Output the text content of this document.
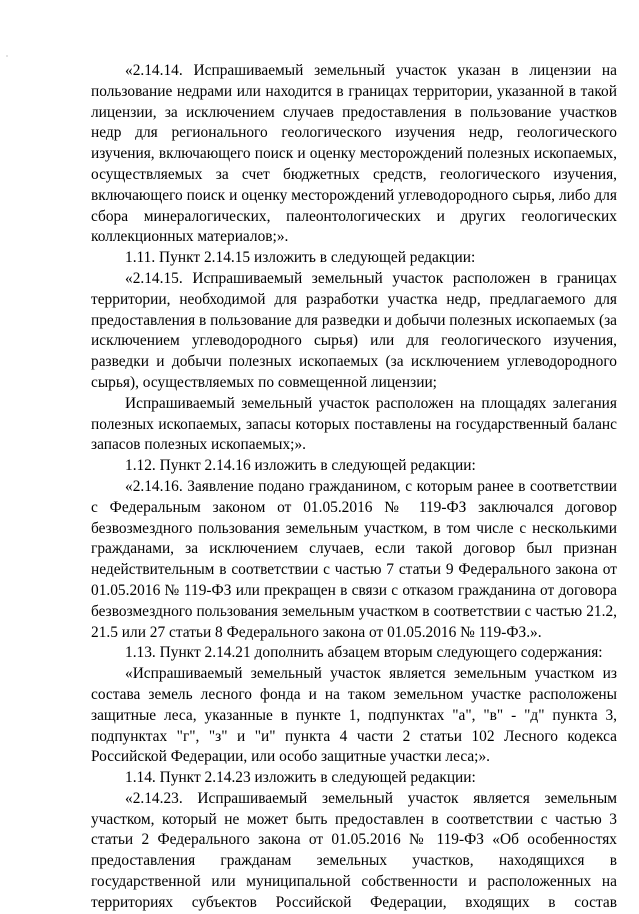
«2.14.14. Испрашиваемый земельный участок указан в лицензии на пользование недрами или находится в границах территории, указанной в такой лицензии, за исключением случаев предоставления в пользование участков недр для регионального геологического изучения недр, геологического изучения, включающего поиск и оценку месторождений полезных ископаемых, осуществляемых за счет бюджетных средств, геологического изучения, включающего поиск и оценку месторождений углеводородного сырья, либо для сбора минералогических, палеонтологических и других геологических коллекционных материалов;».

1.11. Пункт 2.14.15 изложить в следующей редакции:

«2.14.15. Испрашиваемый земельный участок расположен в границах территории, необходимой для разработки участка недр, предлагаемого для предоставления в пользование для разведки и добычи полезных ископаемых (за исключением углеводородного сырья) или для геологического изучения, разведки и добычи полезных ископаемых (за исключением углеводородного сырья), осуществляемых по совмещенной лицензии;

Испрашиваемый земельный участок расположен на площадях залегания полезных ископаемых, запасы которых поставлены на государственный баланс запасов полезных ископаемых;».

1.12. Пункт 2.14.16 изложить в следующей редакции:

«2.14.16. Заявление подано гражданином, с которым ранее в соответствии с Федеральным законом от 01.05.2016 № 119-ФЗ заключался договор безвозмездного пользования земельным участком, в том числе с несколькими гражданами, за исключением случаев, если такой договор был признан недействительным в соответствии с частью 7 статьи 9 Федерального закона от 01.05.2016 № 119-ФЗ или прекращен в связи с отказом гражданина от договора безвозмездного пользования земельным участком в соответствии с частью 21.2, 21.5 или 27 статьи 8 Федерального закона от 01.05.2016 № 119-ФЗ.».

1.13. Пункт 2.14.21 дополнить абзацем вторым следующего содержания:

«Испрашиваемый земельный участок является земельным участком из состава земель лесного фонда и на таком земельном участке расположены защитные леса, указанные в пункте 1, подпунктах "а", "в" - "д" пункта 3, подпунктах "г", "з" и "и" пункта 4 части 2 статьи 102 Лесного кодекса Российской Федерации, или особо защитные участки леса;».

1.14. Пункт 2.14.23 изложить в следующей редакции:

«2.14.23. Испрашиваемый земельный участок является земельным участком, который не может быть предоставлен в соответствии с частью 3 статьи 2 Федерального закона от 01.05.2016 № 119-ФЗ «Об особенностях предоставления гражданам земельных участков, находящихся в государственной или муниципальной собственности и расположенных на территориях субъектов Российской Федерации, входящих в состав
